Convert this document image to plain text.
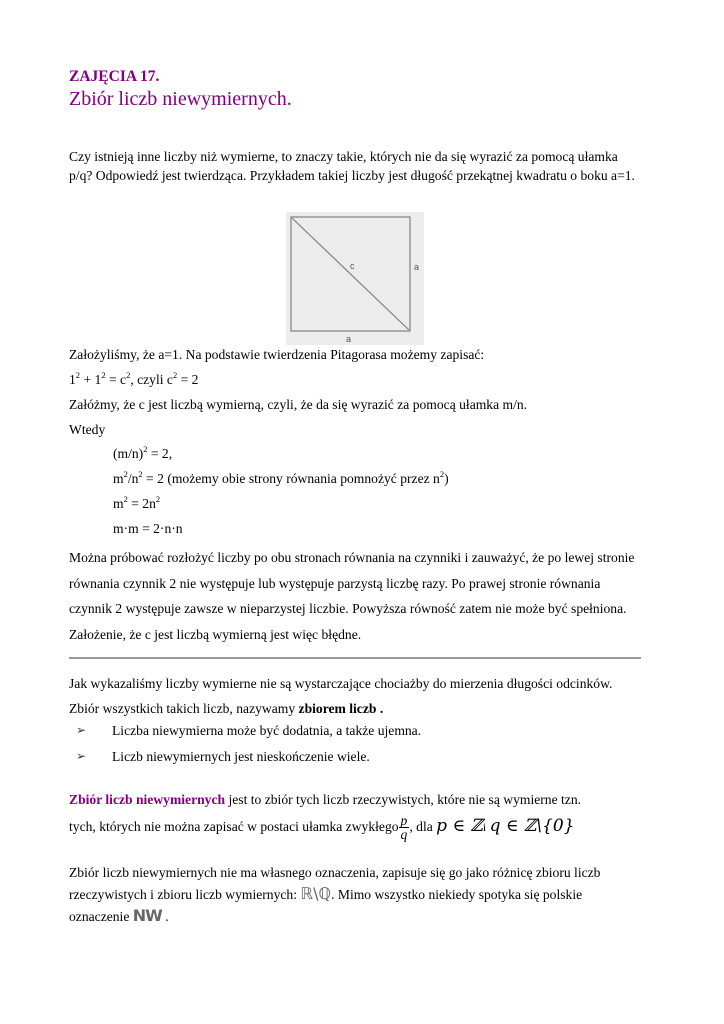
ZAJĘCIA 17.
Zbiór liczb niewymiernych.
Czy istnieją inne liczby niż wymierne, to znaczy takie, których nie da się wyrazić za pomocą ułamka p/q? Odpowiedź jest twierdząca. Przykładem takiej liczby jest długość przekątnej kwadratu o boku a=1.
c	a
a
Założyliśmy, że a=1. Na podstawie twierdzenia Pitagorasa możemy zapisać:
$1^2 + 1^2 = c^2$, czyli $c^2 = 2$
Załóżmy, że c jest liczbą wymierną, czyli, że da się wyrazić za pomocą ułamka m/n.
Wtedy
$(m/n)^2 = 2$,
$m^2/n^2 = 2$ (możemy obie strony równania pomnożyć przez $n^2$)
$m^2 = 2n^2$
m·m = 2·n·n
Można próbować rozłożyć liczby po obu stronach równania na czynniki i zauważyć, że po lewej stronie równania czynnik 2 nie występuje lub występuje parzystą liczbę razy. Po prawej stronie równania czynnik 2 występuje zawsze w nieparzystej liczbie. Powyższa równość zatem nie może być spełniona. Założenie, że c jest liczbą wymierną jest więc błędne.
Jak wykazaliśmy liczby wymierne nie są wystarczające chociażby do mierzenia długości odcinków. Zbiór wszystkich takich liczb, nazywamy zbiorem liczb .
➢ Liczba niewymierna może być dodatnia, a także ujemna.
➢ Liczb niewymiernych jest nieskończenie wiele.
Zbiór liczb niewymiernych jest to zbiór tych liczb rzeczywistych, które nie są wymierne tzn.
tych, których nie można zapisać w postaci ułamka zwykłego $\frac{p}{q}$ , dla p ∈ ℤi q ∈ ℤ\{0}
Zbiór liczb niewymiernych nie ma własnego oznaczenia, zapisuje się go jako różnicę zbioru liczb rzeczywistych i zbioru liczb wymiernych: ℝ\ℚ. Mimo wszystko niekiedy spotyka się polskie
oznaczenie NW .
